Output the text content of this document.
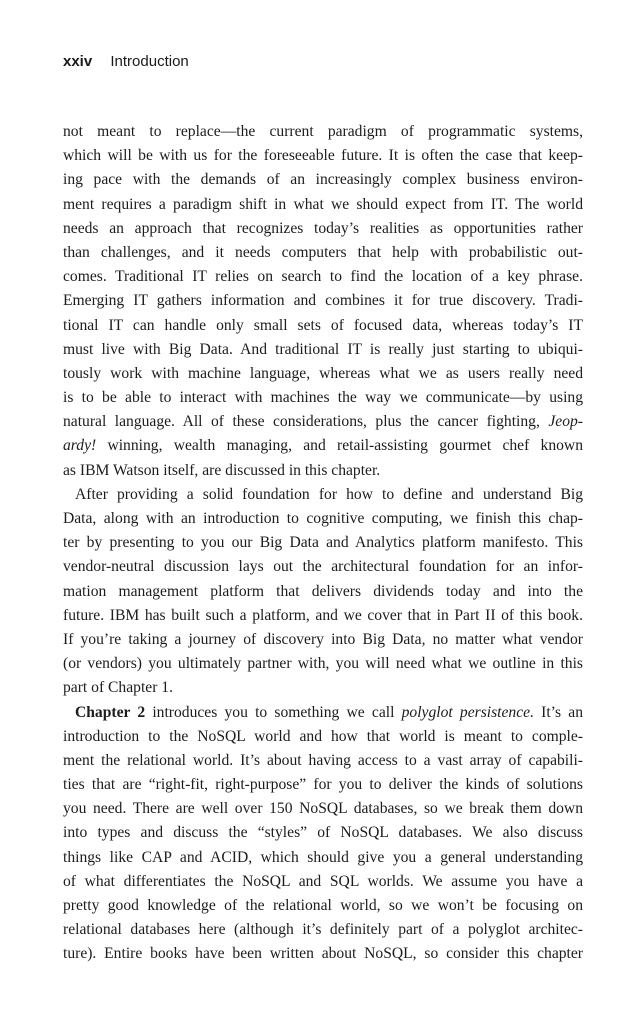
xxiv Introduction
not meant to replace—the current paradigm of programmatic systems,
which will be with us for the foreseeable future. It is often the case that keep-
ing pace with the demands of an increasingly complex business environ-
ment requires a paradigm shift in what we should expect from IT. The world
needs an approach that recognizes today’s realities as opportunities rather
than challenges, and it needs computers that help with probabilistic out-
comes. Traditional IT relies on search to find the location of a key phrase.
Emerging IT gathers information and combines it for true discovery. Tradi-
tional IT can handle only small sets of focused data, whereas today’s IT
must live with Big Data. And traditional IT is really just starting to ubiqui-
tously work with machine language, whereas what we as users really need
is to be able to interact with machines the way we communicate—by using
natural language. All of these considerations, plus the cancer fighting, Jeop-
ardy! winning, wealth managing, and retail-assisting gourmet chef known
as IBM Watson itself, are discussed in this chapter.
After providing a solid foundation for how to define and understand Big
Data, along with an introduction to cognitive computing, we finish this chap-
ter by presenting to you our Big Data and Analytics platform manifesto. This
vendor-neutral discussion lays out the architectural foundation for an infor-
mation management platform that delivers dividends today and into the
future. IBM has built such a platform, and we cover that in Part II of this book.
If you’re taking a journey of discovery into Big Data, no matter what vendor
(or vendors) you ultimately partner with, you will need what we outline in this
part of Chapter 1.
Chapter 2 introduces you to something we call polyglot persistence. It’s an
introduction to the NoSQL world and how that world is meant to comple-
ment the relational world. It’s about having access to a vast array of capabili-
ties that are “right-fit, right-purpose” for you to deliver the kinds of solutions
you need. There are well over 150 NoSQL databases, so we break them down
into types and discuss the “styles” of NoSQL databases. We also discuss
things like CAP and ACID, which should give you a general understanding
of what differentiates the NoSQL and SQL worlds. We assume you have a
pretty good knowledge of the relational world, so we won’t be focusing on
relational databases here (although it’s definitely part of a polyglot architec-
ture). Entire books have been written about NoSQL, so consider this chapter
